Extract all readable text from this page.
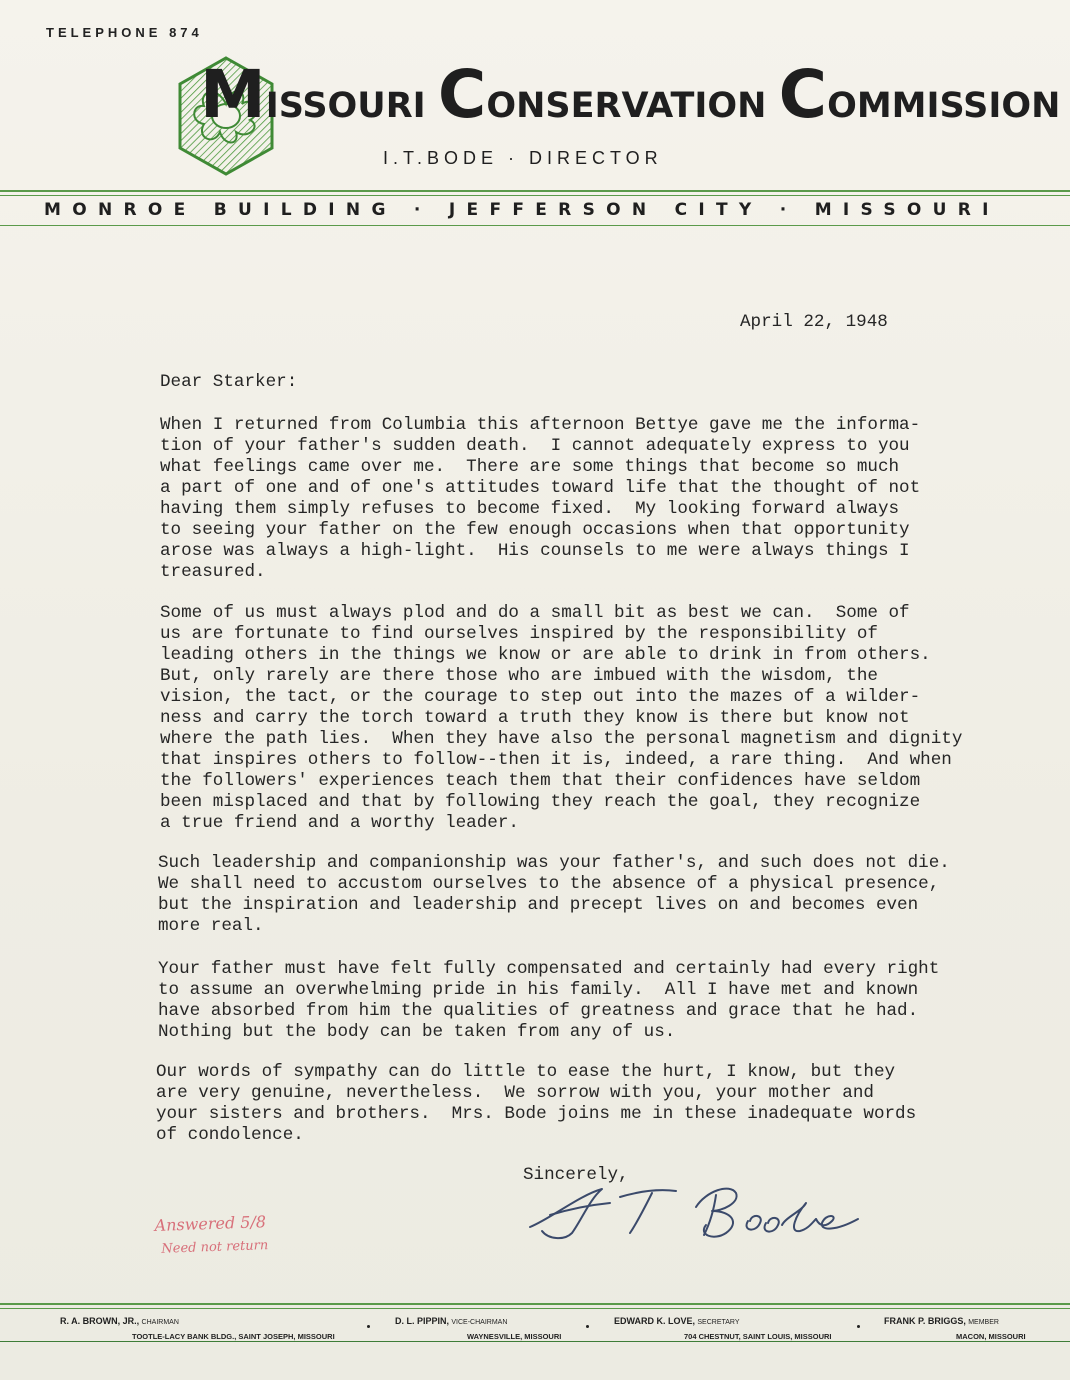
TELEPHONE 874
MISSOURI CONSERVATION COMMISSION
I.T.BODE · DIRECTOR
MONROE BUILDING · JEFFERSON CITY · MISSOURI
April 22, 1948
Dear Starker:
When I returned from Columbia this afternoon Bettye gave me the informa-
tion of your father's sudden death.  I cannot adequately express to you
what feelings came over me.  There are some things that become so much
a part of one and of one's attitudes toward life that the thought of not
having them simply refuses to become fixed.  My looking forward always
to seeing your father on the few enough occasions when that opportunity
arose was always a high-light.  His counsels to me were always things I
treasured.
Some of us must always plod and do a small bit as best we can.  Some of
us are fortunate to find ourselves inspired by the responsibility of
leading others in the things we know or are able to drink in from others.
But, only rarely are there those who are imbued with the wisdom, the
vision, the tact, or the courage to step out into the mazes of a wilder-
ness and carry the torch toward a truth they know is there but know not
where the path lies.  When they have also the personal magnetism and dignity
that inspires others to follow--then it is, indeed, a rare thing.  And when
the followers' experiences teach them that their confidences have seldom
been misplaced and that by following they reach the goal, they recognize
a true friend and a worthy leader.
Such leadership and companionship was your father's, and such does not die.
We shall need to accustom ourselves to the absence of a physical presence,
but the inspiration and leadership and precept lives on and becomes even
more real.
Your father must have felt fully compensated and certainly had every right
to assume an overwhelming pride in his family.  All I have met and known
have absorbed from him the qualities of greatness and grace that he had.
Nothing but the body can be taken from any of us.
Our words of sympathy can do little to ease the hurt, I know, but they
are very genuine, nevertheless.  We sorrow with you, your mother and
your sisters and brothers.  Mrs. Bode joins me in these inadequate words
of condolence.
Sincerely,
Answered 5/8
Need not return
R. A. BROWN, JR., CHAIRMAN
TOOTLE-LACY BANK BLDG., SAINT JOSEPH, MISSOURI
D. L. PIPPIN, VICE-CHAIRMAN
WAYNESVILLE, MISSOURI
EDWARD K. LOVE, SECRETARY
704 CHESTNUT, SAINT LOUIS, MISSOURI
FRANK P. BRIGGS, MEMBER
MACON, MISSOURI
